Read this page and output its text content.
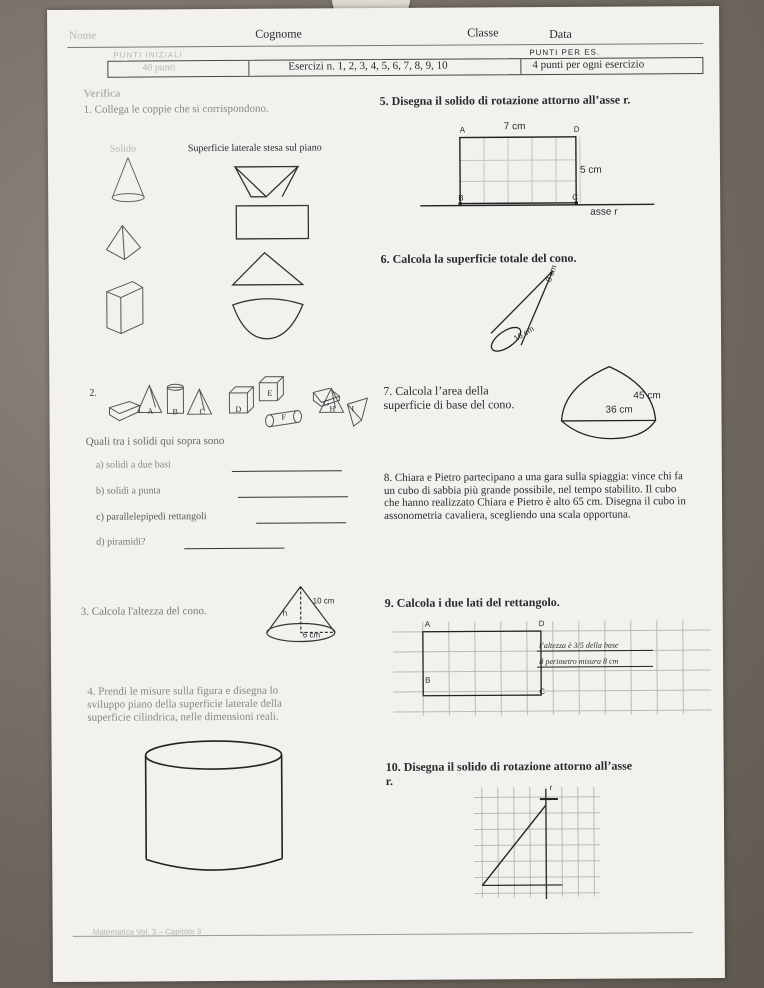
Nome	Cognome	Classe	Data
PUNTI INIZIALI	PUNTI PER ES.
40 punti	Esercizi n. 1, 2, 3, 4, 5, 6, 7, 8, 9, 10	4 punti per ogni esercizio
Verifica
1. Collega le coppie che si corrispondono.
Solido	Superficie laterale stesa sul piano
2.
A B	C	D
E
F
G
H I
Quali tra i solidi qui sopra sono
a) solidi a due basi
b) solidi a punta
c) parallelepipedi rettangoli
d) piramidi?
3. Calcola l'altezza del cono.
10 cm
h
6 cm
4. Prendi le misure sulla figura e disegna lo
sviluppo piano della superficie laterale della
superficie cilindrica, nelle dimensioni reali.
Matematica Vol. 3 – Capitolo 3
5. Disegna il solido di rotazione attorno all’asse r.
A	7 cm	D
5 cm
B	C
asse r
6. Calcola la superficie totale del cono.
8 cm
16 cm
7. Calcola l’area della
superficie di base del cono.
45 cm
36 cm
8. Chiara e Pietro partecipano a una gara sulla spiaggia: vince chi fa un cubo di sabbia più grande possibile, nel tempo stabilito. Il cubo che hanno realizzato Chiara e Pietro è alto 65 cm. Disegna il cubo in assonometria cavaliera, scegliendo una scala opportuna.
9. Calcola i due lati del rettangolo.
A	D
B
C
l’altezza è 3/5 della base
il perimetro misura 8 cm
10. Disegna il solido di rotazione attorno all’asse
r.	r
